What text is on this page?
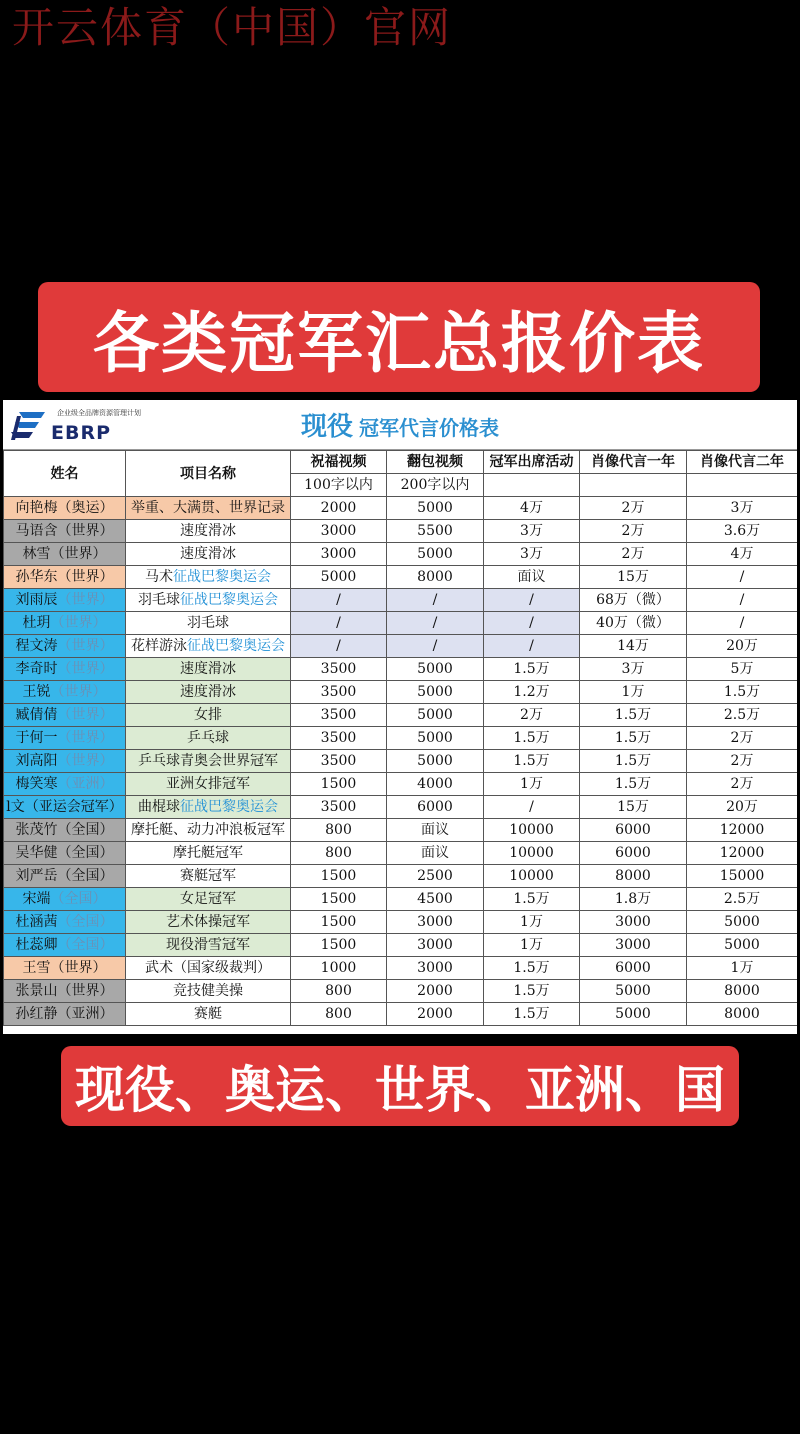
开云体育（中国）官网
各类冠军汇总报价表
企业级全品牌资源管理计划
EBRP	现役 冠军代言价格表
姓名	项目名称	祝福视频	翻包视频	冠军出席活动	肖像代言一年	肖像代言二年
		100字以内	200字以内			
向艳梅（奥运）	举重、大满贯、世界记录	2000	5000	4万	2万	3万
马语含（世界）	速度滑冰	3000	5500	3万	2万	3.6万
林雪（世界）	速度滑冰	3000	5000	3万	2万	4万
孙华东（世界）	马术征战巴黎奥运会	5000	8000	面议	15万	/
刘雨辰（世界）	羽毛球征战巴黎奥运会	/	/	/	68万（微）	/
杜玥（世界）	羽毛球	/	/	/	40万（微）	/
程文涛（世界）	花样游泳征战巴黎奥运会	/	/	/	14万	20万
李奇时（世界）	速度滑冰	3500	5000	1.5万	3万	5万
王锐（世界）	速度滑冰	3500	5000	1.2万	1万	1.5万
臧倩倩（世界）	女排	3500	5000	2万	1.5万	2.5万
于何一（世界）	乒乓球	3500	5000	1.5万	1.5万	2万
刘高阳（世界）	乒乓球青奥会世界冠军	3500	5000	1.5万	1.5万	2万
梅笑寒（亚洲）	亚洲女排冠军	1500	4000	1万	1.5万	2万
l文（亚运会冠军）	曲棍球征战巴黎奥运会	3500	6000	/	15万	20万
张茂竹（全国）	摩托艇、动力冲浪板冠军	800	面议	10000	6000	12000
吴华健（全国）	摩托艇冠军	800	面议	10000	6000	12000
刘严岳（全国）	赛艇冠军	1500	2500	10000	8000	15000
宋端（全国）	女足冠军	1500	4500	1.5万	1.8万	2.5万
杜涵茜（全国）	艺术体操冠军	1500	3000	1万	3000	5000
杜蕊卿（全国）	现役滑雪冠军	1500	3000	1万	3000	5000
王雪（世界）	武术（国家级裁判）	1000	3000	1.5万	6000	1万
张景山（世界）	竞技健美操	800	2000	1.5万	5000	8000
孙红静（亚洲）	赛艇	800	2000	1.5万	5000	8000
现役、奥运、世界、亚洲、国
